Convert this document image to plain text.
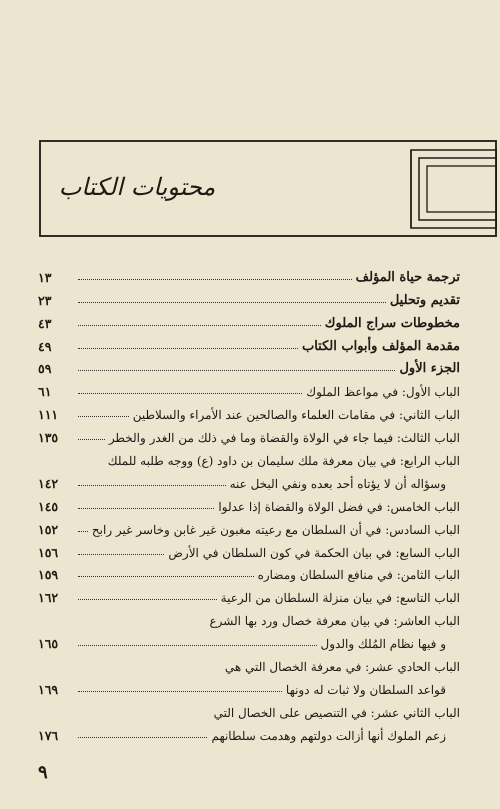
محتويات الكتاب
ترجمة حياة المؤلف
١٣
تقديم وتحليل
٢٣
مخطوطات سراج الملوك
٤٣
مقدمة المؤلف وأبواب الكتاب
٤٩
الجزء الأول
٥٩
الباب الأول: في مواعظ الملوك
٦١
الباب الثاني: في مقامات العلماء والصالحين عند الأمراء والسلاطين
١١١
الباب الثالث: فيما جاء في الولاة والقضاة وما في ذلك من الغدر والخطر
١٣٥
الباب الرابع: في بيان معرفة ملك سليمان بن داود (ع) ووجه طلبه للملك
وسؤاله أن لا يؤتاه أحد بعده ونفي البخل عنه
١٤٢
الباب الخامس: في فضل الولاة والقضاة إذا عدلوا
١٤٥
الباب السادس: في أن السلطان مع رعيته مغبون غير غابن وخاسر غير رابح
١٥٢
الباب السابع: في بيان الحكمة في كون السلطان في الأرض
١٥٦
الباب الثامن: في منافع السلطان ومضاره
١٥٩
الباب التاسع: في بيان منزلة السلطان من الرعية
١٦٢
الباب العاشر: في بيان معرفة خصال ورد بها الشرع
و فيها نظام المُلك والدول
١٦٥
الباب الحادي عشر: في معرفة الخصال التي هي
قواعد السلطان ولا ثبات له دونها
١٦٩
الباب الثاني عشر: في التنصيص على الخصال التي
زعم الملوك أنها أزالت دولتهم وهدمت سلطانهم
١٧٦
٩
